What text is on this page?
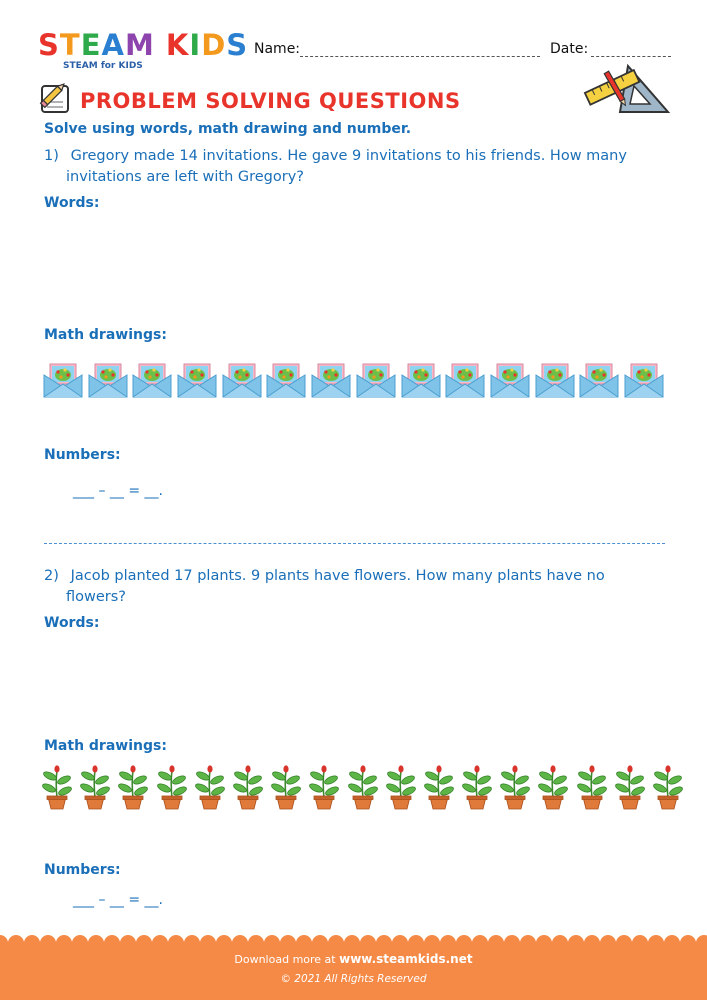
STEAM KIDS
STEAM for KIDS
Name:	Date:
PROBLEM SOLVING QUESTIONS
Solve using words, math drawing and number.
1) Gregory made 14 invitations. He gave 9 invitations to his friends. How many
invitations are left with Gregory?
Words:
Math drawings:
Numbers:
___ – __ = __.
2) Jacob planted 17 plants. 9 plants have flowers. How many plants have no
flowers?
Words:
Math drawings:
Numbers:
___ – __ = __.
Download more at www.steamkids.net
© 2021 All Rights Reserved
